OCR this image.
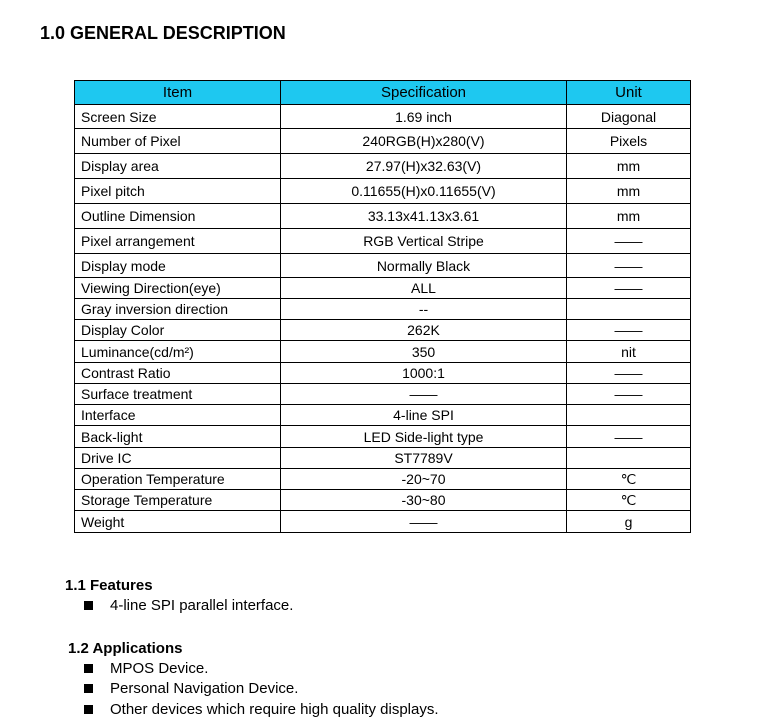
1.0 GENERAL DESCRIPTION
Item	Specification	Unit
Screen Size	1.69 inch	Diagonal
Number of Pixel	240RGB(H)x280(V)	Pixels
Display area	27.97(H)x32.63(V)	mm
Pixel pitch	0.11655(H)x0.11655(V)	mm
Outline Dimension	33.13x41.13x3.61	mm
Pixel arrangement	RGB Vertical Stripe	——
Display mode	Normally Black	——
Viewing Direction(eye)	ALL	——
Gray inversion direction	--	
Display Color	262K	——
Luminance(cd/m²)	350	nit
Contrast Ratio	1000:1	——
Surface treatment	——	——
Interface	4-line SPI	
Back-light	LED Side-light type	——
Drive IC	ST7789V	
Operation Temperature	-20~70	℃
Storage Temperature	-30~80	℃
Weight	——	g
1.1 Features
4-line SPI parallel interface.
1.2 Applications
MPOS Device.
Personal Navigation Device.
Other devices which require high quality displays.
